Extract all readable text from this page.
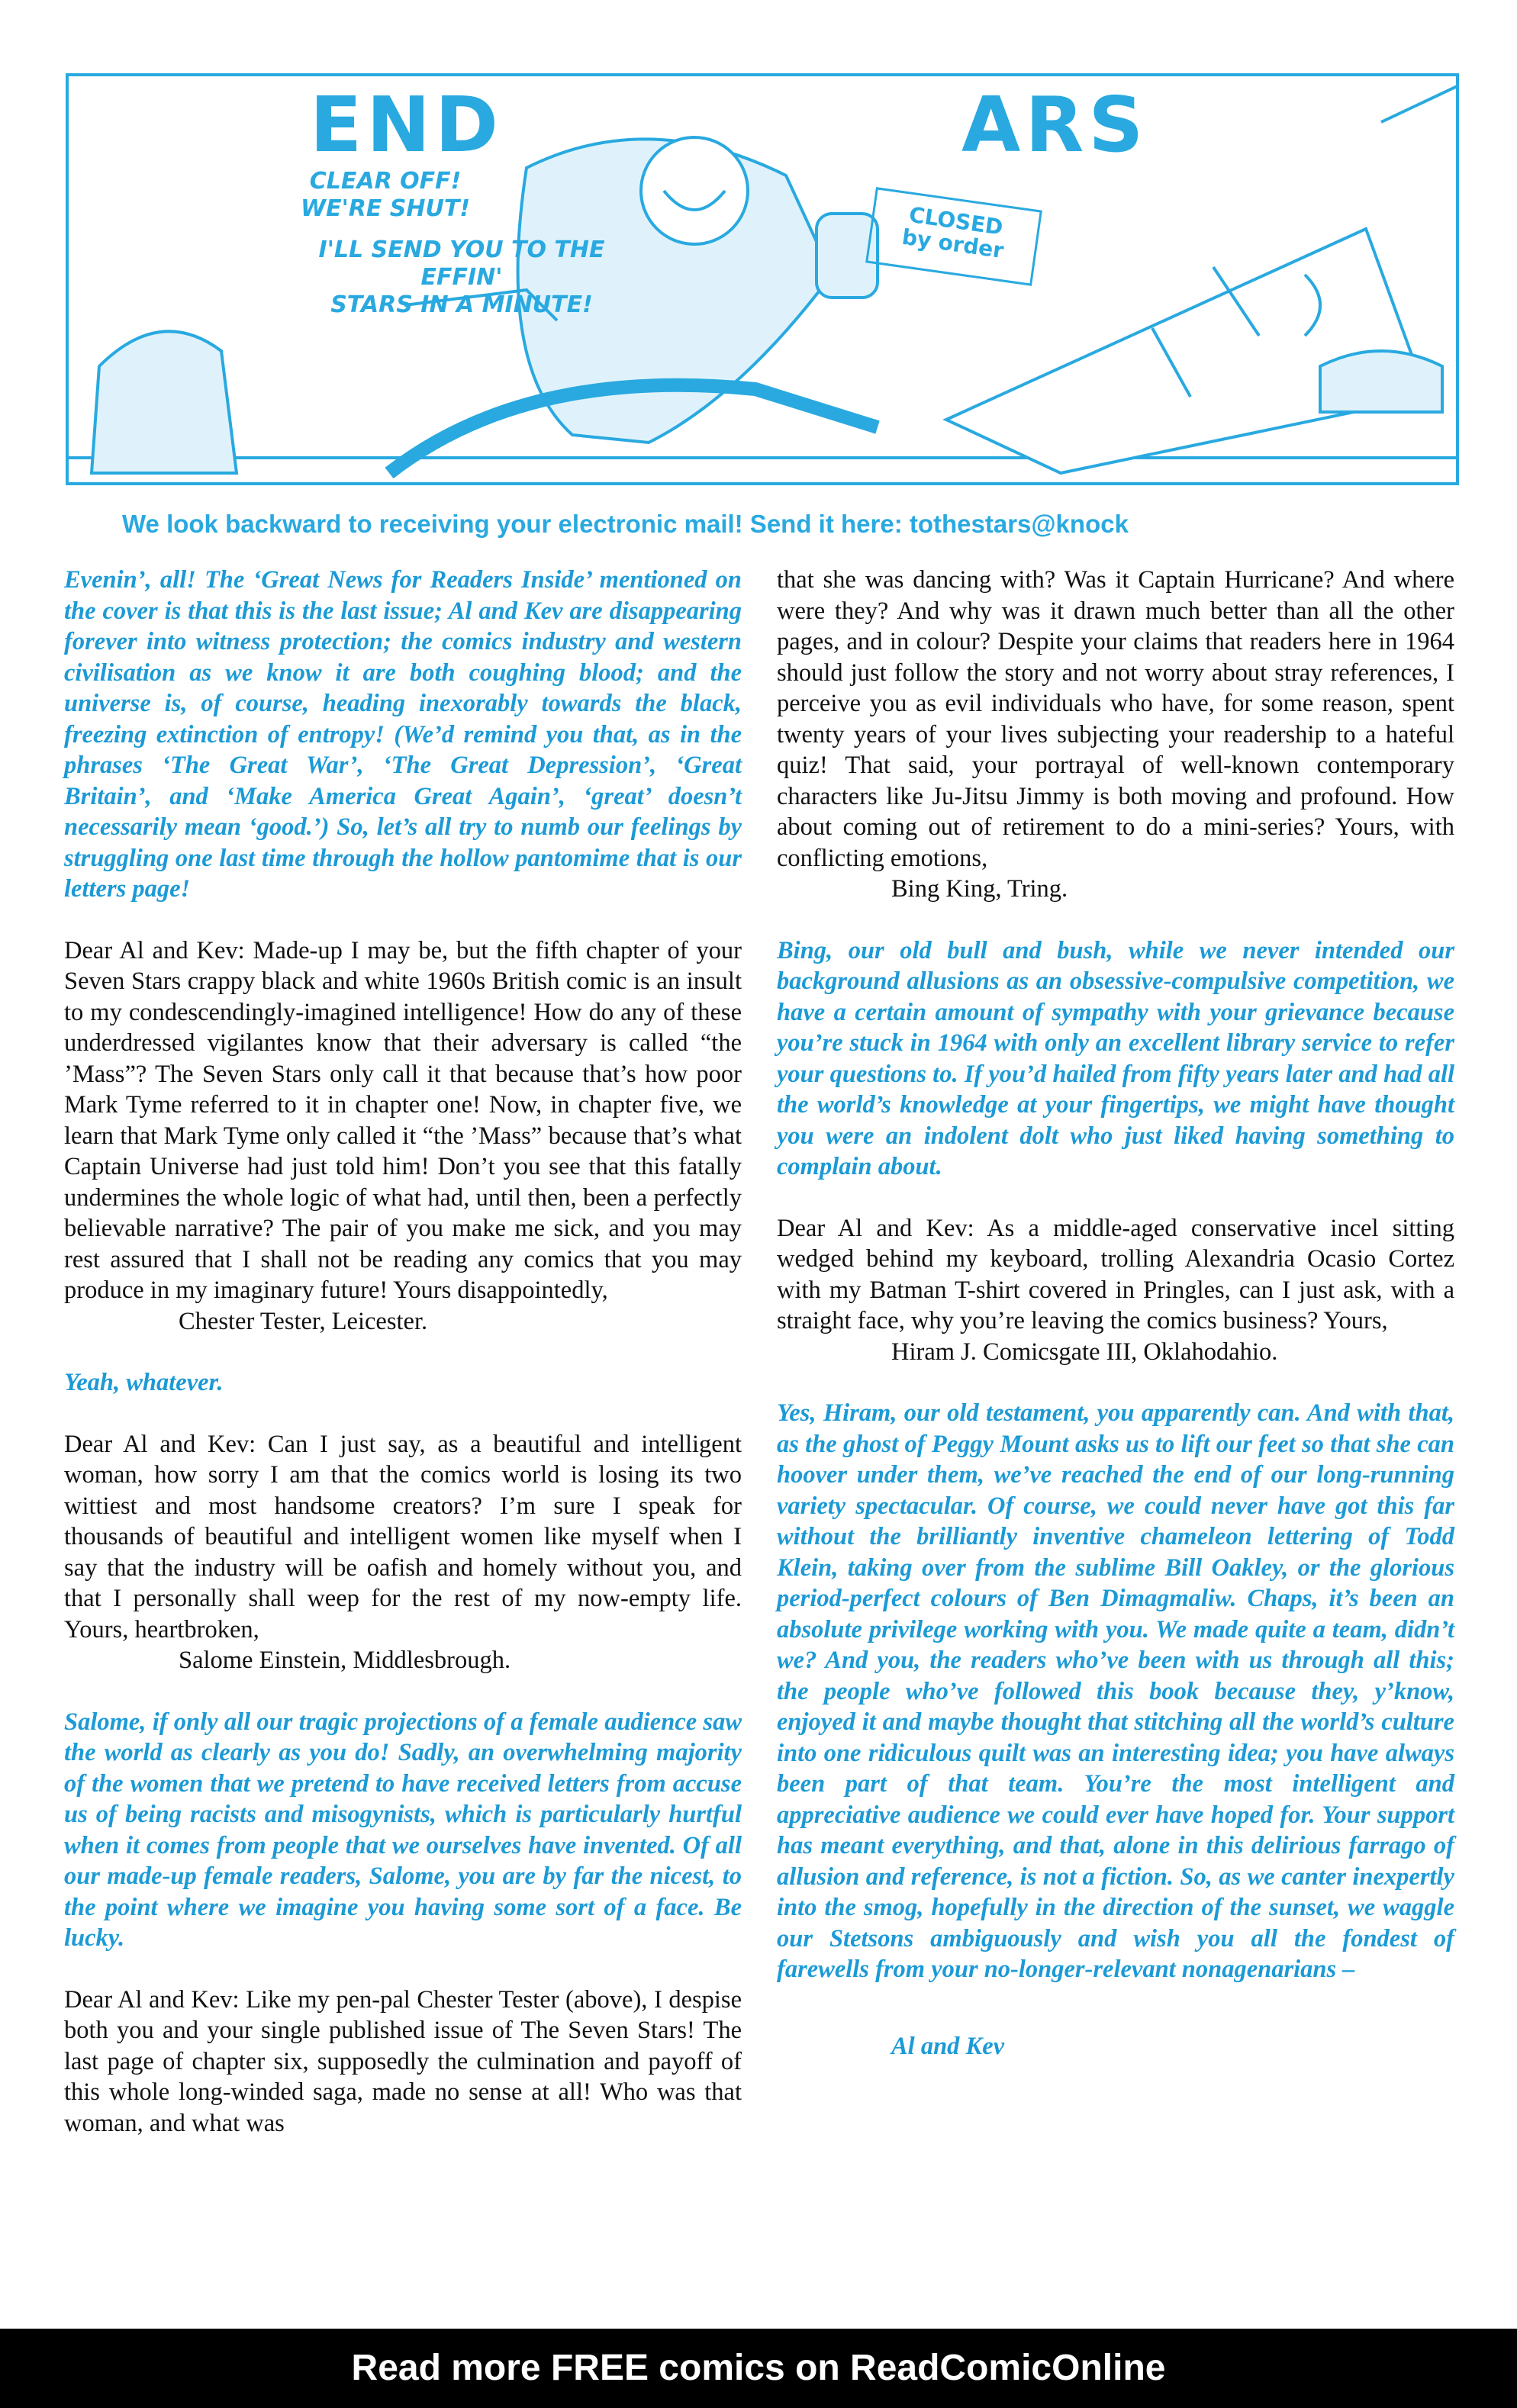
END	ARS
CLEAR OFF!
WE'RE SHUT!
I'LL SEND YOU TO THE EFFIN'
STARS IN A MINUTE!
CLOSED
by order
We look backward to receiving your electronic mail! Send it here: tothestars@knock

Evenin’, all! The ‘Great News for Readers Inside’ mentioned on the cover is that this is the last issue; Al and Kev are disappearing forever into witness protection; the comics industry and western civilisation as we know it are both coughing blood; and the universe is, of course, heading inexorably towards the black, freezing extinction of entropy! (We’d remind you that, as in the phrases ‘The Great War’, ‘The Great Depression’, ‘Great Britain’, and ‘Make America Great Again’, ‘great’ doesn’t necessarily mean ‘good.’) So, let’s all try to numb our feelings by struggling one last time through the hollow pantomime that is our letters page!

Dear Al and Kev: Made-up I may be, but the fifth chapter of your Seven Stars crappy black and white 1960s British comic is an insult to my condescendingly-imagined intelligence! How do any of these underdressed vigilantes know that their adversary is called “the ’Mass”? The Seven Stars only call it that because that’s how poor Mark Tyme referred to it in chapter one! Now, in chapter five, we learn that Mark Tyme only called it “the ’Mass” because that’s what Captain Universe had just told him! Don’t you see that this fatally undermines the whole logic of what had, until then, been a perfectly believable narrative? The pair of you make me sick, and you may rest assured that I shall not be reading any comics that you may produce in my imaginary future! Yours disappointedly,
Chester Tester, Leicester.

Yeah, whatever.

Dear Al and Kev: Can I just say, as a beautiful and intelligent woman, how sorry I am that the comics world is losing its two wittiest and most handsome creators? I’m sure I speak for thousands of beautiful and intelligent women like myself when I say that the industry will be oafish and homely without you, and that I personally shall weep for the rest of my now-empty life. Yours, heartbroken,
Salome Einstein, Middlesbrough.

Salome, if only all our tragic projections of a female audience saw the world as clearly as you do! Sadly, an overwhelming majority of the women that we pretend to have received letters from accuse us of being racists and misogynists, which is particularly hurtful when it comes from people that we ourselves have invented. Of all our made-up female readers, Salome, you are by far the nicest, to the point where we imagine you having some sort of a face. Be lucky.

Dear Al and Kev: Like my pen-pal Chester Tester (above), I despise both you and your single published issue of The Seven Stars! The last page of chapter six, supposedly the culmination and payoff of this whole long-winded saga, made no sense at all! Who was that woman, and what was

that she was dancing with? Was it Captain Hurricane? And where were they? And why was it drawn much better than all the other pages, and in colour? Despite your claims that readers here in 1964 should just follow the story and not worry about stray references, I perceive you as evil individuals who have, for some reason, spent twenty years of your lives subjecting your readership to a hateful quiz! That said, your portrayal of well-known contemporary characters like Ju-Jitsu Jimmy is both moving and profound. How about coming out of retirement to do a mini-series? Yours, with conflicting emotions,
Bing King, Tring.

Bing, our old bull and bush, while we never intended our background allusions as an obsessive-compulsive competition, we have a certain amount of sympathy with your grievance because you’re stuck in 1964 with only an excellent library service to refer your questions to. If you’d hailed from fifty years later and had all the world’s knowledge at your fingertips, we might have thought you were an indolent dolt who just liked having something to complain about.

Dear Al and Kev: As a middle-aged conservative incel sitting wedged behind my keyboard, trolling Alexandria Ocasio Cortez with my Batman T-shirt covered in Pringles, can I just ask, with a straight face, why you’re leaving the comics business? Yours,
Hiram J. Comicsgate III, Oklahodahio.

Yes, Hiram, our old testament, you apparently can. And with that, as the ghost of Peggy Mount asks us to lift our feet so that she can hoover under them, we’ve reached the end of our long-running variety spectacular. Of course, we could never have got this far without the brilliantly inventive chameleon lettering of Todd Klein, taking over from the sublime Bill Oakley, or the glorious period-perfect colours of Ben Dimagmaliw. Chaps, it’s been an absolute privilege working with you. We made quite a team, didn’t we? And you, the readers who’ve been with us through all this; the people who’ve followed this book because they, y’know, enjoyed it and maybe thought that stitching all the world’s culture into one ridiculous quilt was an interesting idea; you have always been part of that team. You’re the most intelligent and appreciative audience we could ever have hoped for. Your support has meant everything, and that, alone in this delirious farrago of allusion and reference, is not a fiction. So, as we canter inexpertly into the smog, hopefully in the direction of the sunset, we waggle our Stetsons ambiguously and wish you all the fondest of farewells from your no-longer-relevant nonagenarians –

Al and Kev

Read more FREE comics on ReadComicOnline
